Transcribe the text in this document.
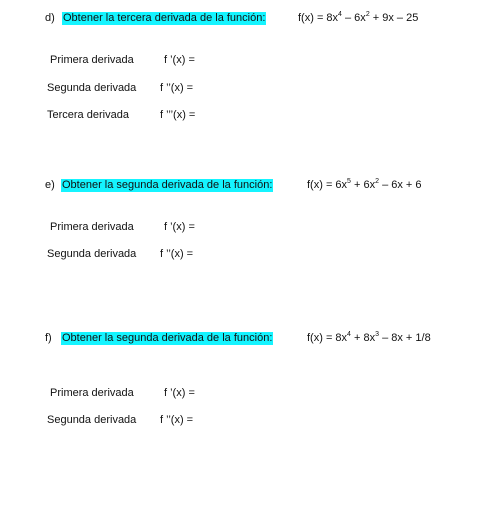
d) Obtener la tercera derivada de la función:	$f(x) = 8x^4 - 6x^2 + 9x - 25$
Primera derivada	f ’(x) =
Segunda derivada f ’’(x) =
Tercera derivada	f ’’’(x) =
e) Obtener la segunda derivada de la función:	$f(x) = 6x^5 + 6x^2 - 6x + 6$
Primera derivada	f ’(x) =
Segunda derivada f ’’(x) =
f) Obtener la segunda derivada de la función:	$f(x) = 8x^4 + 8x^3 - 8x + 1/8$
Primera derivada	f ’(x) =
Segunda derivada f ’’(x) =
